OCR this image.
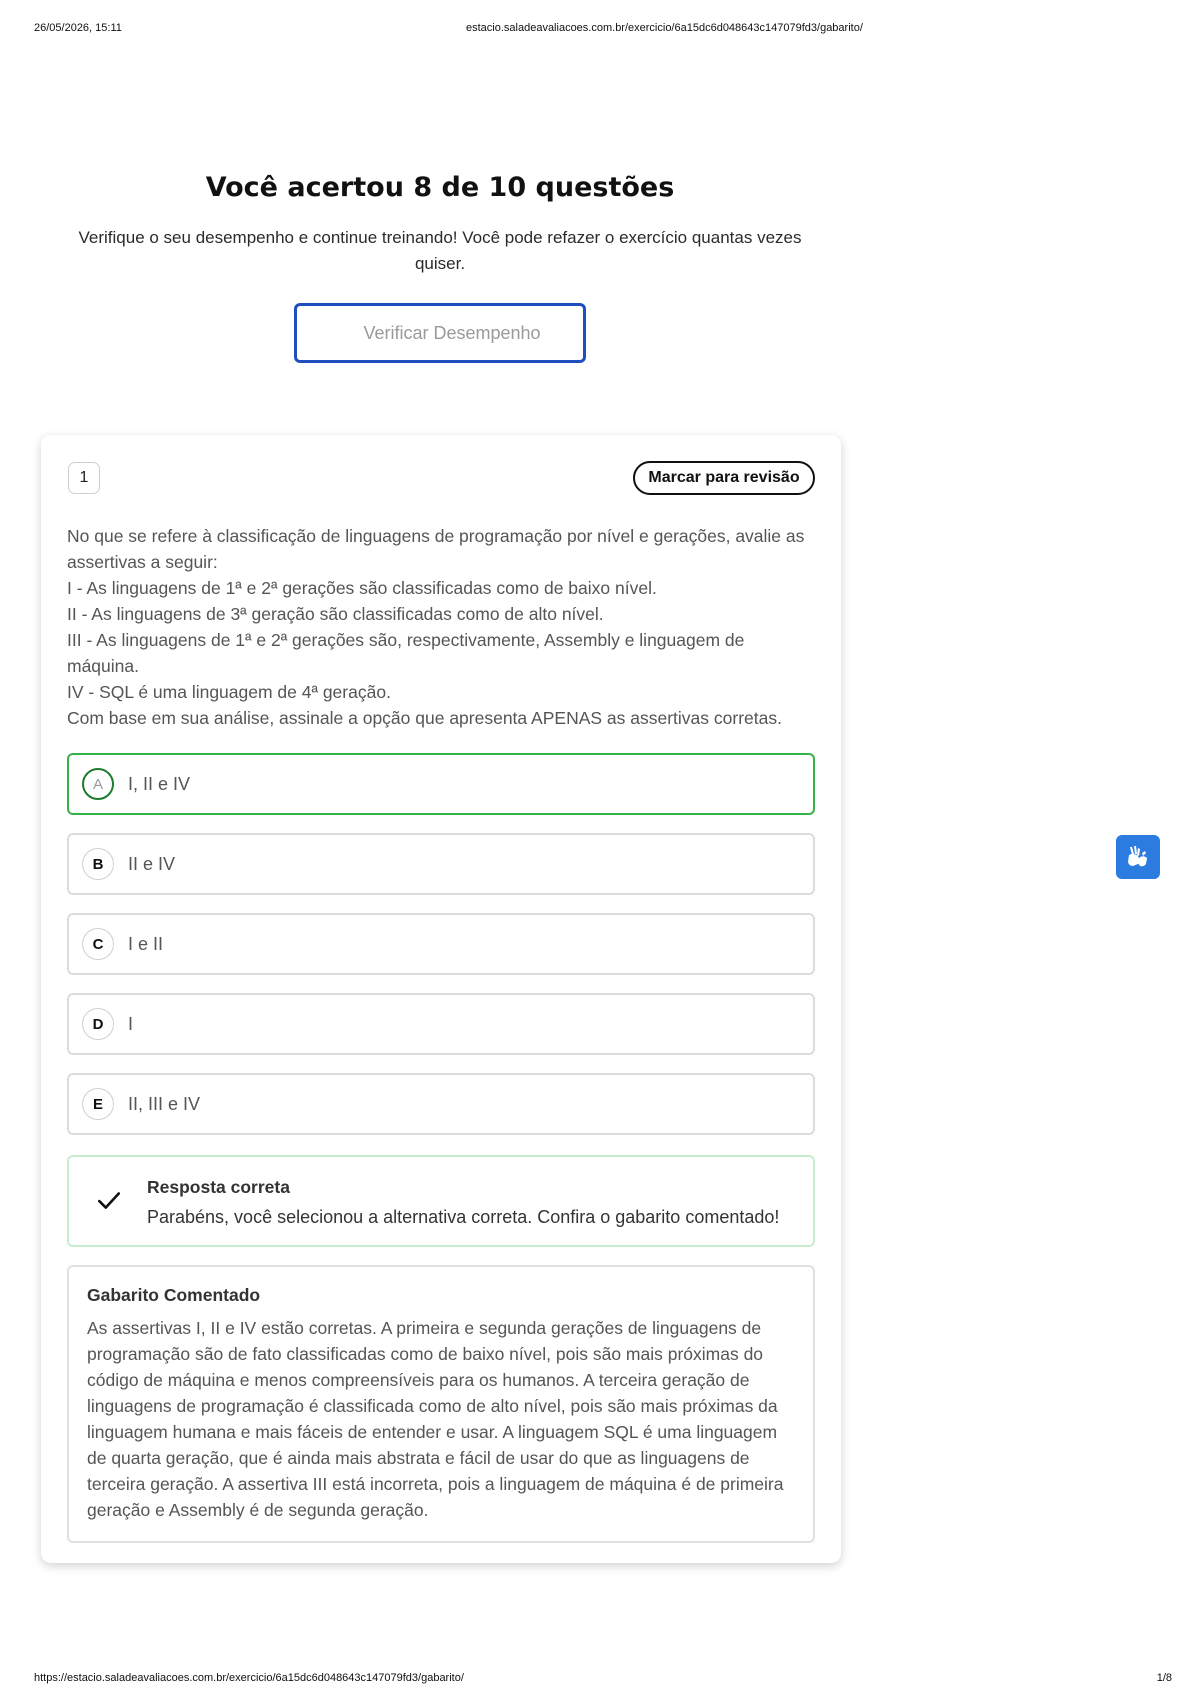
26/05/2026, 15:11	estacio.saladeavaliacoes.com.br/exercicio/6a15dc6d048643c147079fd3/gabarito/
https://estacio.saladeavaliacoes.com.br/exercicio/6a15dc6d048643c147079fd3/gabarito/	1/8
Você acertou 8 de 10 questões
Verifique o seu desempenho e continue treinando! Você pode refazer o exercício quantas vezes quiser.
Verificar Desempenho
1	Marcar para revisão
No que se refere à classificação de linguagens de programação por nível e gerações, avalie as assertivas a seguir:
I - As linguagens de 1ª e 2ª gerações são classificadas como de baixo nível.
II - As linguagens de 3ª geração são classificadas como de alto nível.
III - As linguagens de 1ª e 2ª gerações são, respectivamente, Assembly e linguagem de máquina.
IV - SQL é uma linguagem de 4ª geração.
Com base em sua análise, assinale a opção que apresenta APENAS as assertivas corretas.
A	I, II e IV
B	II e IV
C	I e II
D	I
E	II, III e IV
Resposta correta
Parabéns, você selecionou a alternativa correta. Confira o gabarito comentado!
Gabarito Comentado
As assertivas I, II e IV estão corretas. A primeira e segunda gerações de linguagens de programação são de fato classificadas como de baixo nível, pois são mais próximas do código de máquina e menos compreensíveis para os humanos. A terceira geração de linguagens de programação é classificada como de alto nível, pois são mais próximas da linguagem humana e mais fáceis de entender e usar. A linguagem SQL é uma linguagem de quarta geração, que é ainda mais abstrata e fácil de usar do que as linguagens de terceira geração. A assertiva III está incorreta, pois a linguagem de máquina é de primeira geração e Assembly é de segunda geração.
